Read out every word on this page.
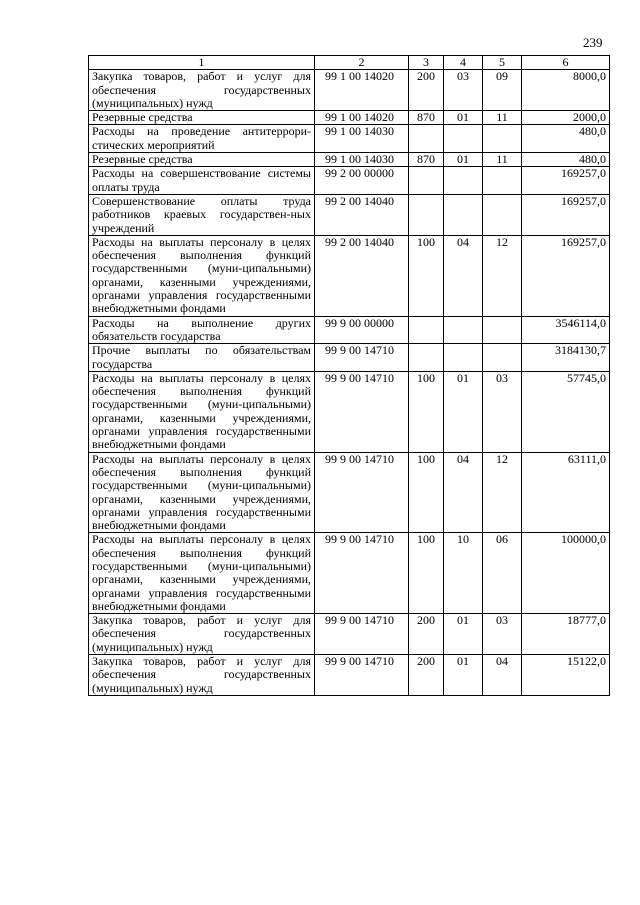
239
1	2	3	4	5	6
Закупка товаров, работ и услуг для обеспечения государственных (муниципальных) нужд	99 1 00 14020	200	03	09	8000,0
Резервные средства	99 1 00 14020	870	01	11	2000,0
Расходы на проведение антитеррори-стических мероприятий	99 1 00 14030				480,0
Резервные средства	99 1 00 14030	870	01	11	480,0
Расходы на совершенствование системы оплаты труда	99 2 00 00000				169257,0
Совершенствование оплаты труда работников краевых государствен-ных учреждений	99 2 00 14040				169257,0
Расходы на выплаты персоналу в целях обеспечения выполнения функций государственными (муни-ципальными) органами, казенными учреждениями, органами управления государственными внебюджетными фондами	99 2 00 14040	100	04	12	169257,0
Расходы на выполнение других обязательств государства	99 9 00 00000				3546114,0
Прочие выплаты по обязательствам государства	99 9 00 14710				3184130,7
Расходы на выплаты персоналу в целях обеспечения выполнения функций государственными (муни-ципальными) органами, казенными учреждениями, органами управления государственными внебюджетными фондами	99 9 00 14710	100	01	03	57745,0
Расходы на выплаты персоналу в целях обеспечения выполнения функций государственными (муни-ципальными) органами, казенными учреждениями, органами управления государственными внебюджетными фондами	99 9 00 14710	100	04	12	63111,0
Расходы на выплаты персоналу в целях обеспечения выполнения функций государственными (муни-ципальными) органами, казенными учреждениями, органами управления государственными внебюджетными фондами	99 9 00 14710	100	10	06	100000,0
Закупка товаров, работ и услуг для обеспечения государственных (муниципальных) нужд	99 9 00 14710	200	01	03	18777,0
Закупка товаров, работ и услуг для обеспечения государственных (муниципальных) нужд	99 9 00 14710	200	01	04	15122,0
